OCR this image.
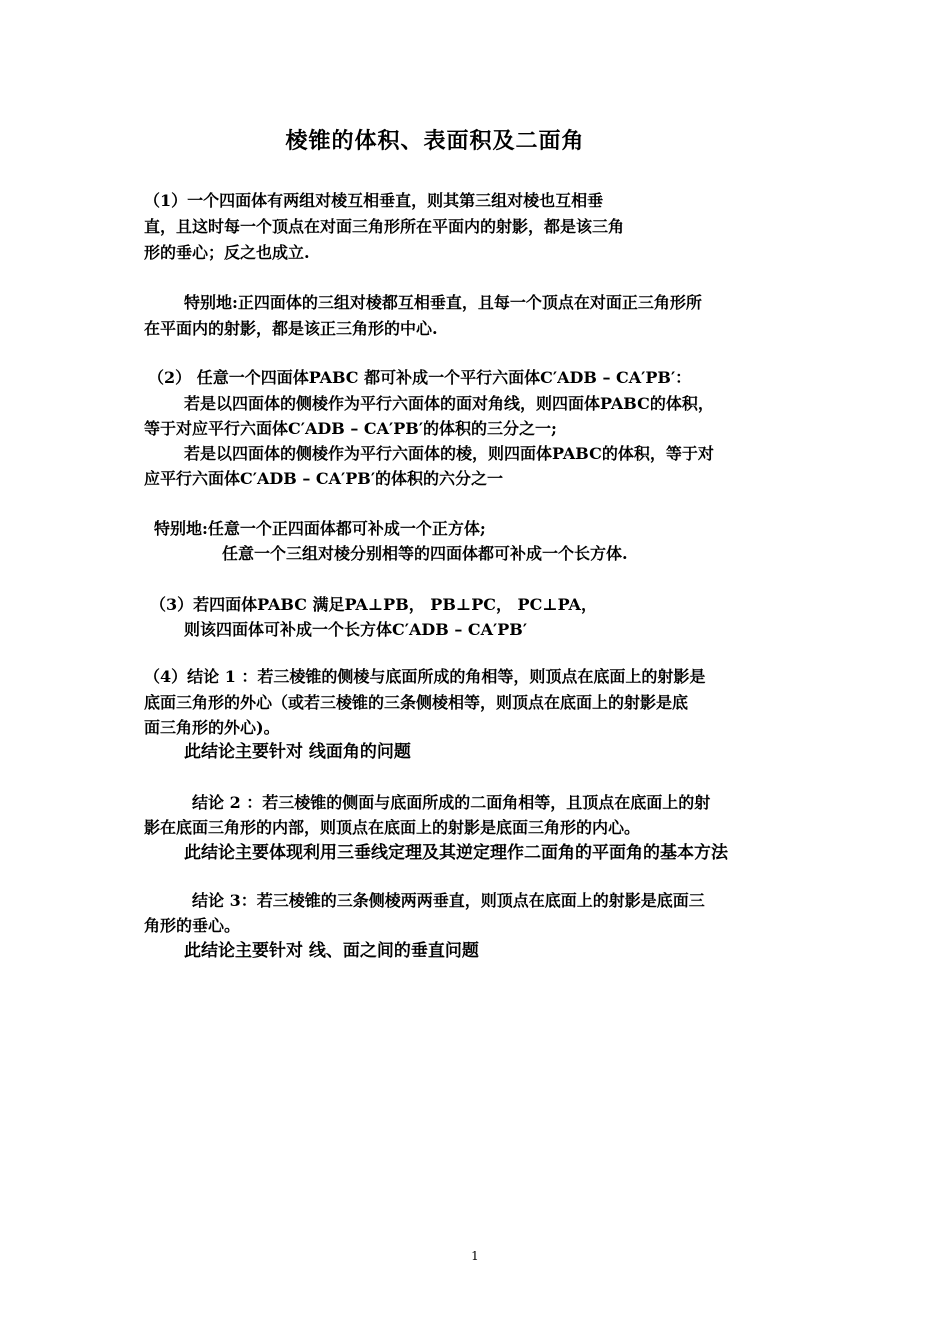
棱锥的体积、表面积及二面角
（1）一个四面体有两组对棱互相垂直，则其第三组对棱也互相垂
直，且这时每一个顶点在对面三角形所在平面内的射影，都是该三角
形的垂心；反之也成立.
特别地:正四面体的三组对棱都互相垂直，且每一个顶点在对面正三角形所
在平面内的射影，都是该正三角形的中心.
（2） 任意一个四面体PABC 都可补成一个平行六面体C′ADB – CA′PB′：
若是以四面体的侧棱作为平行六面体的面对角线，则四面体PABC的体积，
等于对应平行六面体C′ADB – CA′PB′的体积的三分之一;
若是以四面体的侧棱作为平行六面体的棱，则四面体PABC的体积，等于对
应平行六面体C′ADB – CA′PB′的体积的六分之一
特别地:任意一个正四面体都可补成一个正方体;
任意一个三组对棱分别相等的四面体都可补成一个长方体.
（3）若四面体PABC 满足PA⊥PB， PB⊥PC， PC⊥PA，
则该四面体可补成一个长方体C′ADB – CA′PB′
（4）结论 1 ：若三棱锥的侧棱与底面所成的角相等，则顶点在底面上的射影是
底面三角形的外心（或若三棱锥的三条侧棱相等，则顶点在底面上的射影是底
面三角形的外心)。
此结论主要针对 线面角的问题
结论 2 ：若三棱锥的侧面与底面所成的二面角相等，且顶点在底面上的射
影在底面三角形的内部，则顶点在底面上的射影是底面三角形的内心。
此结论主要体现利用三垂线定理及其逆定理作二面角的平面角的基本方法
结论 3：若三棱锥的三条侧棱两两垂直，则顶点在底面上的射影是底面三
角形的垂心。
此结论主要针对 线、面之间的垂直问题
1
